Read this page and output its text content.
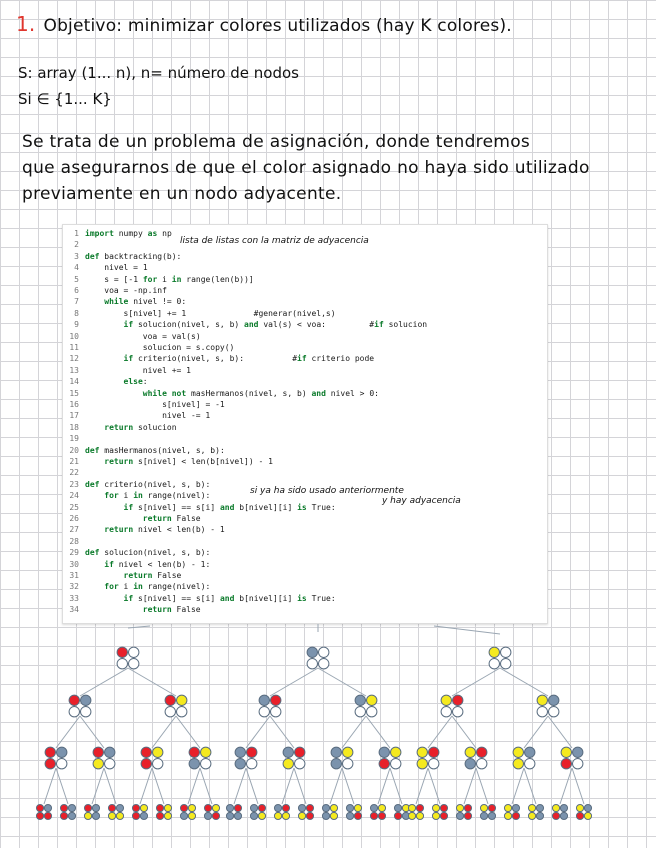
1. Objetivo: minimizar colores utilizados (hay K colores).
S: array (1... n), n= número de nodos
Si ∈ {1... K}
Se trata de un problema de asignación, donde tendremos
que asegurarnos de que el color asignado no haya sido utilizado
previamente en un nodo adyacente.
1 import numpy as np
2
3 def backtracking(b):
4	nivel = 1
5	s = [-1 for i in range(len(b))]
6	voa = -np.inf
7	while nivel != 0:
8	s[nivel] += 1              #generar(nivel,s)
9	if solucion(nivel, s, b) and val(s) < voa:         #if solucion
10	voa = val(s)
11	solucion = s.copy()
12	if criterio(nivel, s, b):          #if criterio pode
13	nivel += 1
14	else:
15	while not masHermanos(nivel, s, b) and nivel > 0:
16	s[nivel] = -1
17	nivel -= 1
18	return solucion
19
20 def masHermanos(nivel, s, b):
21	return s[nivel] < len(b[nivel]) - 1
22
23 def criterio(nivel, s, b):
24	for i in range(nivel):
25	if s[nivel] == s[i] and b[nivel][i] is True:
26	return False
27	return nivel < len(b) - 1
28
29 def solucion(nivel, s, b):
30	if nivel < len(b) - 1:
31	return False
32	for i in range(nivel):
33	if s[nivel] == s[i] and b[nivel][i] is True:
34	return False
lista de listas con la matriz de adyacencia
si ya ha sido usado anteriormente
y hay adyacencia
